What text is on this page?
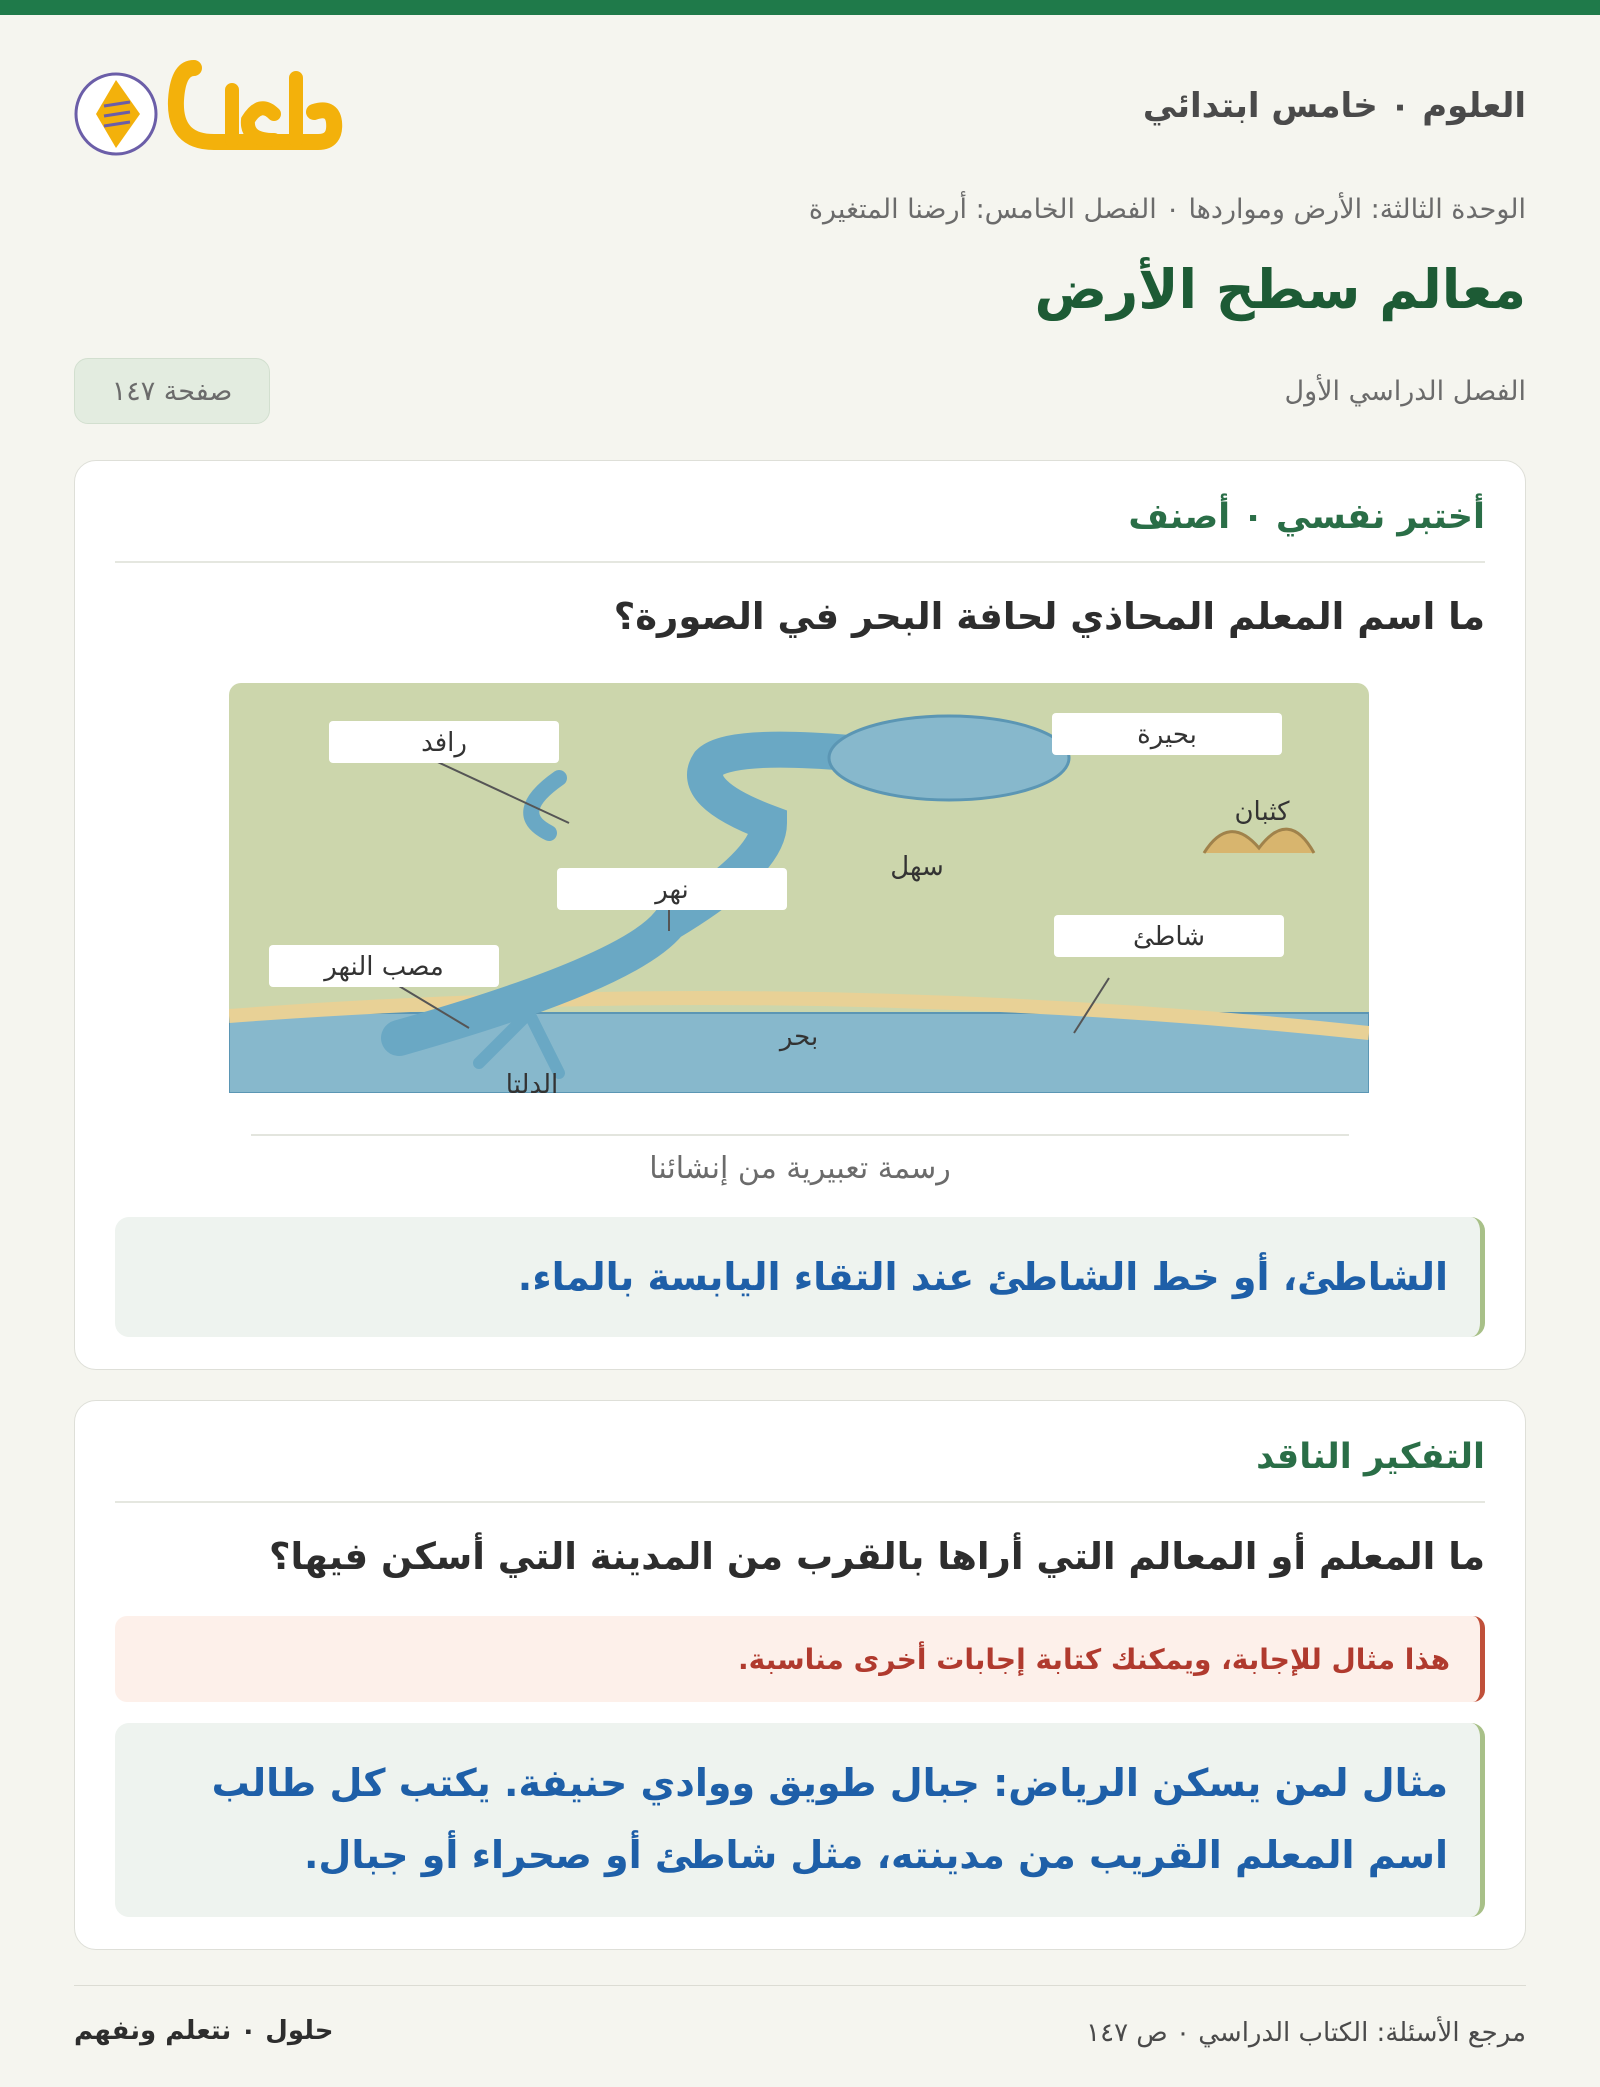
العلوم ٠ خامس ابتدائي
الوحدة الثالثة: الأرض ومواردها ٠ الفصل الخامس: أرضنا المتغيرة
معالم سطح الأرض
الفصل الدراسي الأول
صفحة ١٤٧
أختبر نفسي ٠ أصنف

ما اسم المعلم المحاذي لحافة البحر في الصورة؟

رافد	بحيرة
كثبان
سهل
نهر
مصب النهر
شاطئ
بحر
الدلتا
رسمة تعبيرية من إنشائنا
الشاطئ، أو خط الشاطئ عند التقاء اليابسة بالماء.
التفكير الناقد

ما المعلم أو المعالم التي أراها بالقرب من المدينة التي أسكن فيها؟

هذا مثال للإجابة، ويمكنك كتابة إجابات أخرى مناسبة.
مثال لمن يسكن الرياض: جبال طويق ووادي حنيفة. يكتب كل طالب اسم المعلم القريب من مدينته، مثل شاطئ أو صحراء أو جبال.
مرجع الأسئلة: الكتاب الدراسي ٠ ص ١٤٧
حلول ٠ نتعلم ونفهم
